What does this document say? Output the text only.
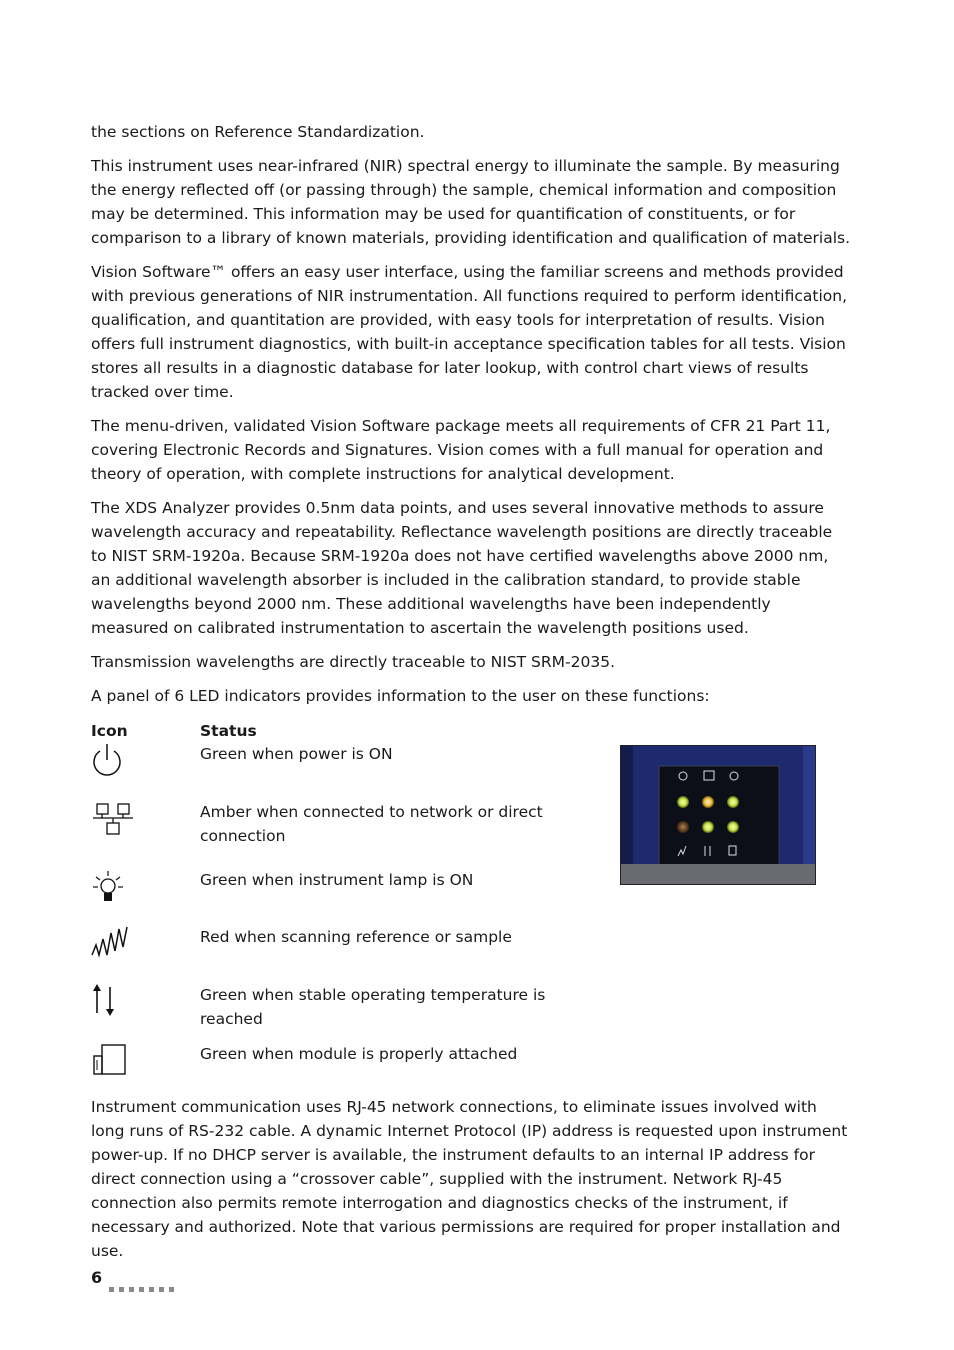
the sections on Reference Standardization.

This instrument uses near-infrared (NIR) spectral energy to illuminate the sample. By measuring the energy reflected off (or passing through) the sample, chemical information and composition may be determined. This information may be used for quantification of constituents, or for comparison to a library of known materials, providing identification and qualification of materials.

Vision Software™ offers an easy user interface, using the familiar screens and methods provided with previous generations of NIR instrumentation. All functions required to perform identification, qualification, and quantitation are provided, with easy tools for interpretation of results. Vision offers full instrument diagnostics, with built-in acceptance specification tables for all tests. Vision stores all results in a diagnostic database for later lookup, with control chart views of results tracked over time.

The menu-driven, validated Vision Software package meets all requirements of CFR 21 Part 11, covering Electronic Records and Signatures. Vision comes with a full manual for operation and theory of operation, with complete instructions for analytical development.

The XDS Analyzer provides 0.5nm data points, and uses several innovative methods to assure wavelength accuracy and repeatability. Reflectance wavelength positions are directly traceable to NIST SRM-1920a. Because SRM-1920a does not have certified wavelengths above 2000 nm, an additional wavelength absorber is included in the calibration standard, to provide stable wavelengths beyond 2000 nm. These additional wavelengths have been independently measured on calibrated instrumentation to ascertain the wavelength positions used.

Transmission wavelengths are directly traceable to NIST SRM-2035.

A panel of 6 LED indicators provides information to the user on these functions:

Icon	Status
Green when power is ON
Amber when connected to network or direct connection
Green when instrument lamp is ON
Red when scanning reference or sample
Green when stable operating temperature is reached
Green when module is properly attached

Instrument communication uses RJ-45 network connections, to eliminate issues involved with long runs of RS-232 cable. A dynamic Internet Protocol (IP) address is requested upon instrument power-up. If no DHCP server is available, the instrument defaults to an internal IP address for direct connection using a “crossover cable”, supplied with the instrument. Network RJ-45 connection also permits remote interrogation and diagnostics checks of the instrument, if necessary and authorized. Note that various permissions are required for proper installation and use.

6
